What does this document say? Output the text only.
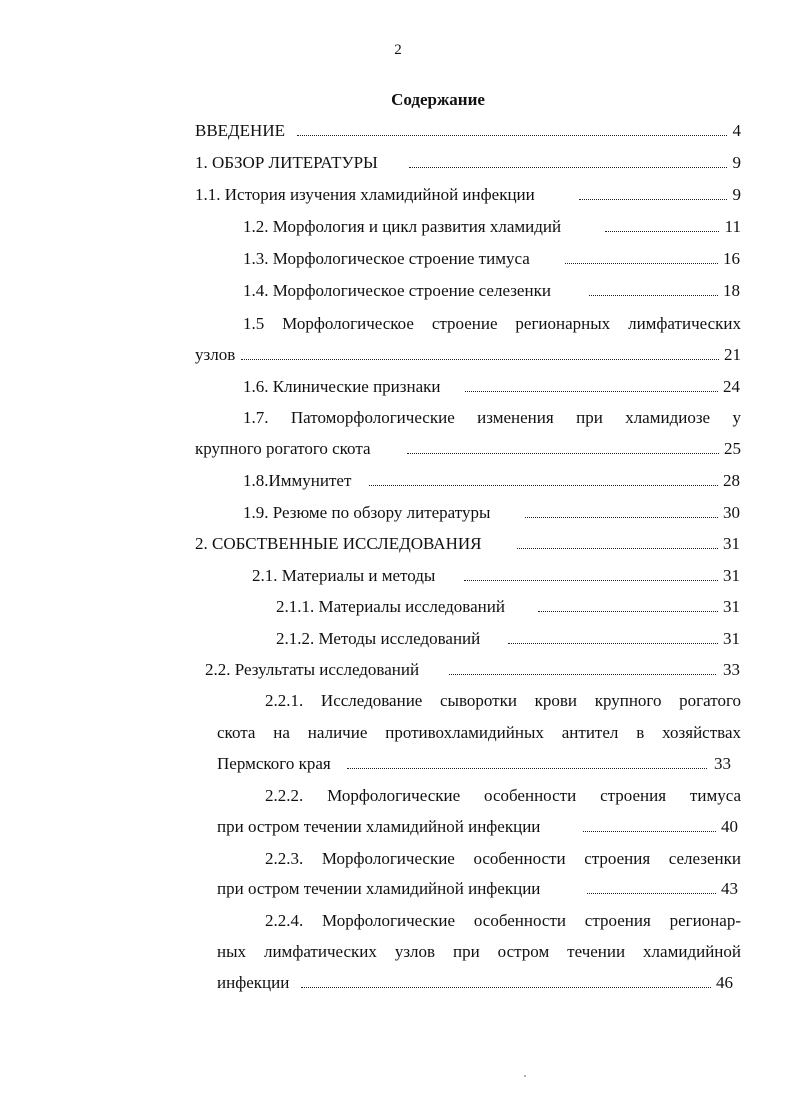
2
Содержание
ВВЕДЕНИЕ	4
1. ОБЗОР ЛИТЕРАТУРЫ	9
1.1. История изучения хламидийной инфекции	9
1.2. Морфология и цикл развития хламидий	11
1.3. Морфологическое строение тимуса	16
1.4. Морфологическое строение селезенки	18
1.5 Морфологическое строение регионарных лимфатических
узлов	21
1.6. Клинические признаки	24
1.7. Патоморфологические изменения при хламидиозе у
крупного рогатого скота	25
1.8.Иммунитет	28
1.9. Резюме по обзору литературы	30
2. СОБСТВЕННЫЕ ИССЛЕДОВАНИЯ	31
2.1. Материалы и методы	31
2.1.1. Материалы исследований	31
2.1.2. Методы исследований	31
2.2. Результаты исследований	33
2.2.1. Исследование сыворотки крови крупного рогатого
скота на наличие противохламидийных антител в хозяйствах
Пермского края	33
2.2.2. Морфологические особенности строения тимуса
при остром течении хламидийной инфекции	40
2.2.3. Морфологические особенности строения селезенки
при остром течении хламидийной инфекции	43
2.2.4. Морфологические особенности строения регионар-
ных лимфатических узлов при остром течении хламидийной
инфекции	46
